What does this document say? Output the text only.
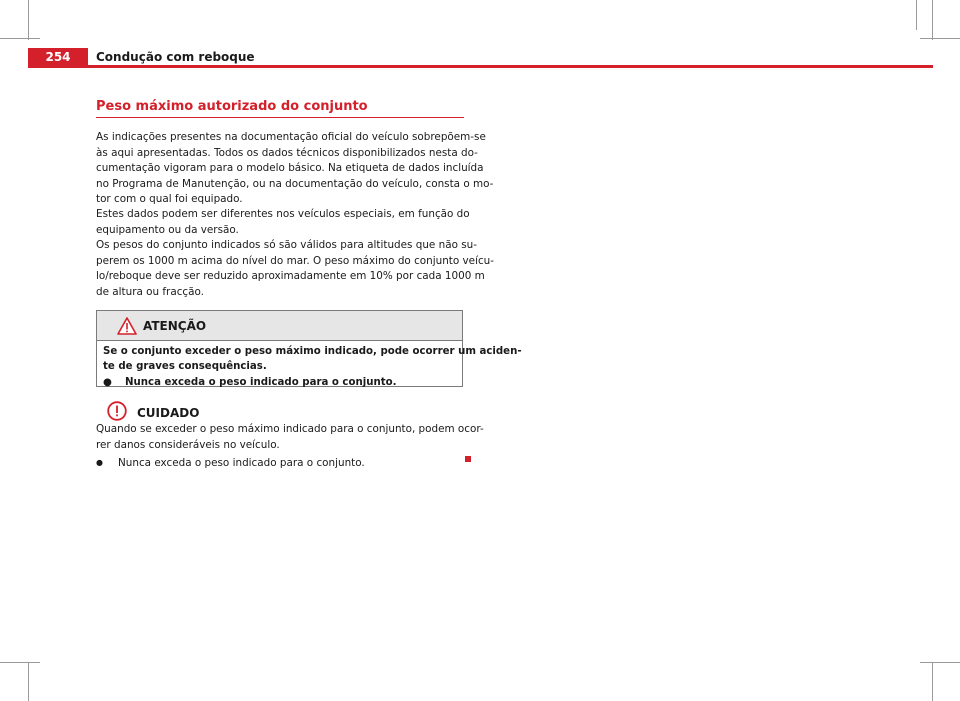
254	Condução com reboque
Peso máximo autorizado do conjunto

As indicações presentes na documentação oficial do veículo sobrepõem-se
às aqui apresentadas. Todos os dados técnicos disponibilizados nesta do-
cumentação vigoram para o modelo básico. Na etiqueta de dados incluída
no Programa de Manutenção, ou na documentação do veículo, consta o mo-
tor com o qual foi equipado.

Estes dados podem ser diferentes nos veículos especiais, em função do
equipamento ou da versão.

Os pesos do conjunto indicados só são válidos para altitudes que não su-
perem os 1000 m acima do nível do mar. O peso máximo do conjunto veícu-
lo/reboque deve ser reduzido aproximadamente em 10% por cada 1000 m
de altura ou fracção.

ATENÇÃO
Se o conjunto exceder o peso máximo indicado, pode ocorrer um aciden-
te de graves consequências.
● Nunca exceda o peso indicado para o conjunto.
CUIDADO
Quando se exceder o peso máximo indicado para o conjunto, podem ocor-
rer danos consideráveis no veículo.
● Nunca exceda o peso indicado para o conjunto.
